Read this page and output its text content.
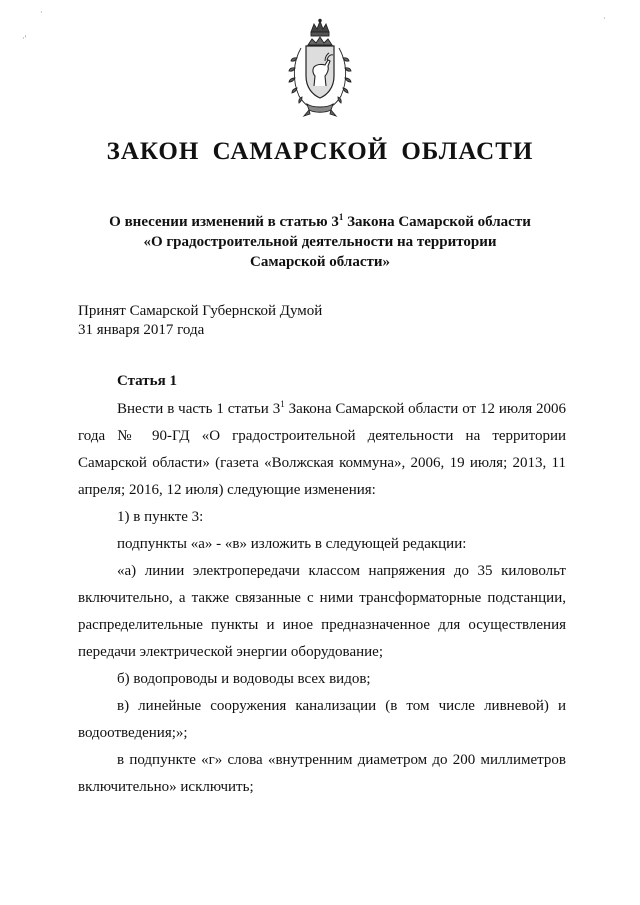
·
·'
·
ЗАКОН САМАРСКОЙ ОБЛАСТИ
О внесении изменений в статью $3^1$ Закона Самарской области
«О градостроительной деятельности на территории
Самарской области»
Принят Самарской Губернской Думой
31 января 2017 года
Статья 1

Внести в часть 1 статьи $3^1$ Закона Самарской области от 12 июля 2006 года № 90-ГД «О градостроительной деятельности на территории Самарской области» (газета «Волжская коммуна», 2006, 19 июля; 2013, 11 апреля; 2016, 12 июля) следующие изменения:

1) в пункте 3:

подпункты «а» - «в» изложить в следующей редакции:

«а) линии электропередачи классом напряжения до 35 киловольт включительно, а также связанные с ними трансформаторные подстанции, распределительные пункты и иное предназначенное для осуществления передачи электрической энергии оборудование;

б) водопроводы и водоводы всех видов;

в) линейные сооружения канализации (в том числе ливневой) и водоотведения;»;

в подпункте «г» слова «внутренним диаметром до 200 миллиметров включительно» исключить;
